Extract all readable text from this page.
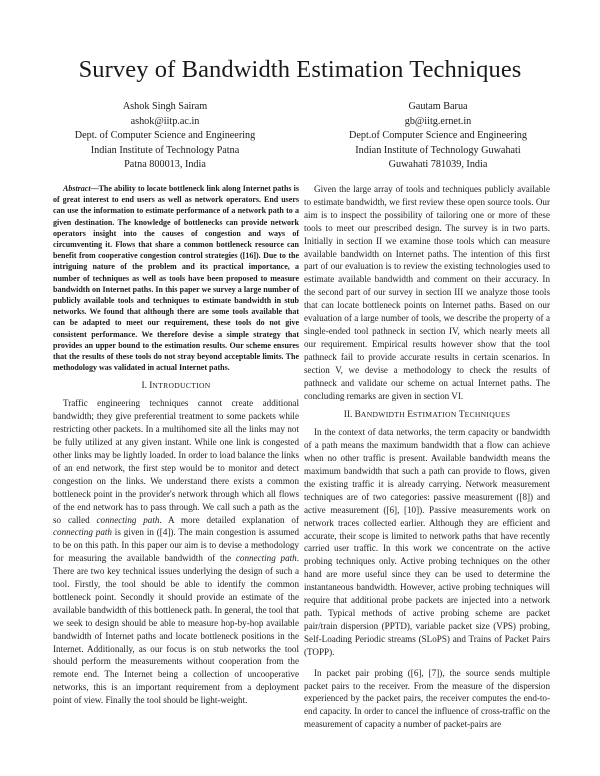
Survey of Bandwidth Estimation Techniques
Ashok Singh Sairam
ashok@iitp.ac.in
Dept. of Computer Science and Engineering
Indian Institute of Technology Patna
Patna 800013, India
Gautam Barua
gb@iitg.ernet.in
Dept.of Computer Science and Engineering
Indian Institute of Technology Guwahati
Guwahati 781039, India

Abstract—The ability to locate bottleneck link along Internet paths is of great interest to end users as well as network operators. End users can use the information to estimate performance of a network path to a given destination. The knowledge of bottlenecks can provide network operators insight into the causes of congestion and ways of circumventing it. Flows that share a common bottleneck resource can benefit from cooperative congestion control strategies ([16]). Due to the intriguing nature of the problem and its practical importance, a number of techniques as well as tools have been proposed to measure bandwidth on Internet paths. In this paper we survey a large number of publicly available tools and techniques to estimate bandwidth in stub networks. We found that although there are some tools available that can be adapted to meet our requirement, these tools do not give consistent performance. We therefore devise a simple strategy that provides an upper bound to the estimation results. Our scheme ensures that the results of these tools do not stray beyond acceptable limits. The methodology was validated in actual Internet paths.

I. INTRODUCTION

Traffic engineering techniques cannot create additional bandwidth; they give preferential treatment to some packets while restricting other packets. In a multihomed site all the links may not be fully utilized at any given instant. While one link is congested other links may be lightly loaded. In order to load balance the links of an end network, the first step would be to monitor and detect congestion on the links. We understand there exists a common bottleneck point in the provider's network through which all flows of the end network has to pass through. We call such a path as the so called connecting path. A more detailed explanation of connecting path is given in ([4]). The main congestion is assumed to be on this path. In this paper our aim is to devise a methodology for measuring the available bandwidth of the connecting path. There are two key technical issues underlying the design of such a tool. Firstly, the tool should be able to identify the common bottleneck point. Secondly it should provide an estimate of the available bandwidth of this bottleneck path. In general, the tool that we seek to design should be able to measure hop-by-hop available bandwidth of Internet paths and locate bottleneck positions in the Internet. Additionally, as our focus is on stub networks the tool should perform the measurements without cooperation from the remote end. The Internet being a collection of uncooperative networks, this is an important requirement from a deployment point of view. Finally the tool should be light-weight.

Given the large array of tools and techniques publicly available to estimate bandwidth, we first review these open source tools. Our aim is to inspect the possibility of tailoring one or more of these tools to meet our prescribed design. The survey is in two parts. Initially in section II we examine those tools which can measure available bandwidth on Internet paths. The intention of this first part of our evaluation is to review the existing technologies used to estimate available bandwidth and comment on their accuracy. In the second part of our survey in section III we analyze those tools that can locate bottleneck points on Internet paths. Based on our evaluation of a large number of tools, we describe the property of a single-ended tool pathneck in section IV, which nearly meets all our requirement. Empirical results however show that the tool pathneck fail to provide accurate results in certain scenarios. In section V, we devise a methodology to check the results of pathneck and validate our scheme on actual Internet paths. The concluding remarks are given in section VI.

II. BANDWIDTH ESTIMATION TECHNIQUES

In the context of data networks, the term capacity or bandwidth of a path means the maximum bandwidth that a flow can achieve when no other traffic is present. Available bandwidth means the maximum bandwidth that such a path can provide to flows, given the existing traffic it is already carrying. Network measurement techniques are of two categories: passive measurement ([8]) and active measurement ([6], [10]). Passive measurements work on network traces collected earlier. Although they are efficient and accurate, their scope is limited to network paths that have recently carried user traffic. In this work we concentrate on the active probing techniques only. Active probing techniques on the other hand are more useful since they can be used to determine the instantaneous bandwidth. However, active probing techniques will require that additional probe packets are injected into a network path. Typical methods of active probing scheme are packet pair/train dispersion (PPTD), variable packet size (VPS) probing, Self-Loading Periodic streams (SLoPS) and Trains of Packet Pairs (TOPP).

In packet pair probing ([6], [7]), the source sends multiple packet pairs to the receiver. From the measure of the dispersion experienced by the packet pairs, the receiver computes the end-to-end capacity. In order to cancel the influence of cross-traffic on the measurement of capacity a number of packet-pairs are
